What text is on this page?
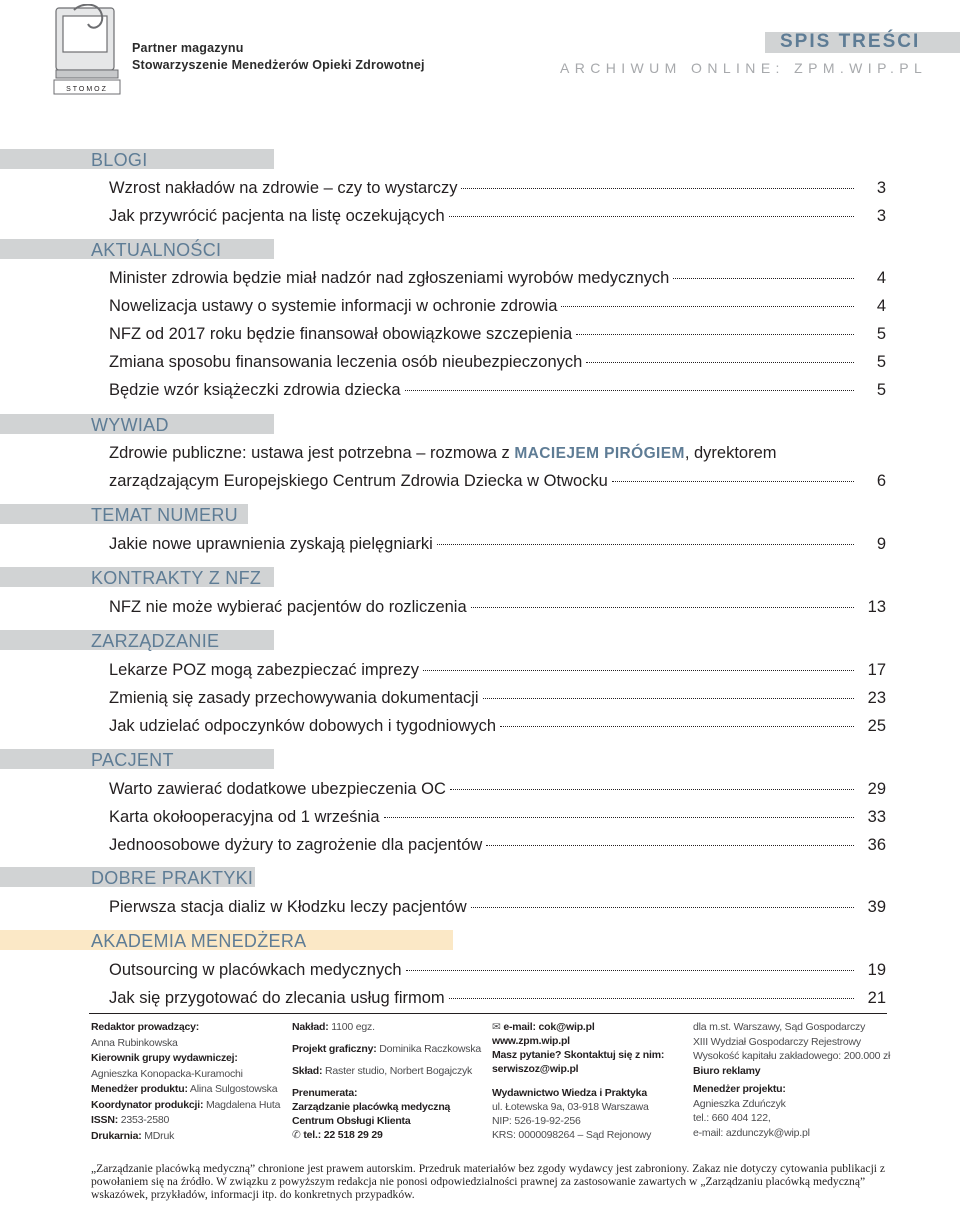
STOMOZ
Partner magazynu
Stowarzyszenie Menedżerów Opieki Zdrowotnej
SPIS TREŚCI
ARCHIWUM ONLINE: ZPM.WIP.PL
BLOGI
Wzrost nakładów na zdrowie – czy to wystarczy	3
Jak przywrócić pacjenta na listę oczekujących	3
AKTUALNOŚCI
Minister zdrowia będzie miał nadzór nad zgłoszeniami wyrobów medycznych	4
Nowelizacja ustawy o systemie informacji w ochronie zdrowia	4
NFZ od 2017 roku będzie finansował obowiązkowe szczepienia	5
Zmiana sposobu finansowania leczenia osób nieubezpieczonych	5
Będzie wzór książeczki zdrowia dziecka	5
WYWIAD
Zdrowie publiczne: ustawa jest potrzebna – rozmowa z MACIEJEM PIRÓGIEM, dyrektorem
zarządzającym Europejskiego Centrum Zdrowia Dziecka w Otwocku	6
TEMAT NUMERU
Jakie nowe uprawnienia zyskają pielęgniarki	9
KONTRAKTY Z NFZ
NFZ nie może wybierać pacjentów do rozliczenia	13
ZARZĄDZANIE
Lekarze POZ mogą zabezpieczać imprezy	17
Zmienią się zasady przechowywania dokumentacji	23
Jak udzielać odpoczynków dobowych i tygodniowych	25
PACJENT
Warto zawierać dodatkowe ubezpieczenia OC	29
Karta okołooperacyjna od 1 września	33
Jednoosobowe dyżury to zagrożenie dla pacjentów	36
DOBRE PRAKTYKI
Pierwsza stacja dializ w Kłodzku leczy pacjentów	39
AKADEMIA MENEDŻERA
Outsourcing w placówkach medycznych	19
Jak się przygotować do zlecania usług firmom	21
Redaktor prowadzący:
Anna Rubinkowska
Kierownik grupy wydawniczej:
Agnieszka Konopacka-Kuramochi
Menedżer produktu: Alina Sulgostowska
Koordynator produkcji: Magdalena Huta
ISSN: 2353-2580
Drukarnia: MDruk
Nakład: 1100 egz.
Projekt graficzny: Dominika Raczkowska
Skład: Raster studio, Norbert Bogajczyk
Prenumerata:
Zarządzanie placówką medyczną
Centrum Obsługi Klienta
✆ tel.: 22 518 29 29
✉ e-mail: cok@wip.pl
www.zpm.wip.pl
Masz pytanie? Skontaktuj się z nim:
serwiszoz@wip.pl
Wydawnictwo Wiedza i Praktyka
ul. Łotewska 9a, 03-918 Warszawa
NIP: 526-19-92-256
KRS: 0000098264 – Sąd Rejonowy
dla m.st. Warszawy, Sąd Gospodarczy
XIII Wydział Gospodarczy Rejestrowy
Wysokość kapitału zakładowego: 200.000 zł
Biuro reklamy
Menedżer projektu:
Agnieszka Zduńczyk
tel.: 660 404 122,
e-mail: azdunczyk@wip.pl
„Zarządzanie placówką medyczną” chronione jest prawem autorskim. Przedruk materiałów bez zgody wydawcy jest zabroniony. Zakaz nie dotyczy cytowania publikacji z powołaniem się na źródło. W związku z powyższym redakcja nie ponosi odpowiedzialności prawnej za zastosowanie zawartych w „Zarządzaniu placówką medyczną” wskazówek, przykładów, informacji itp. do konkretnych przypadków.
